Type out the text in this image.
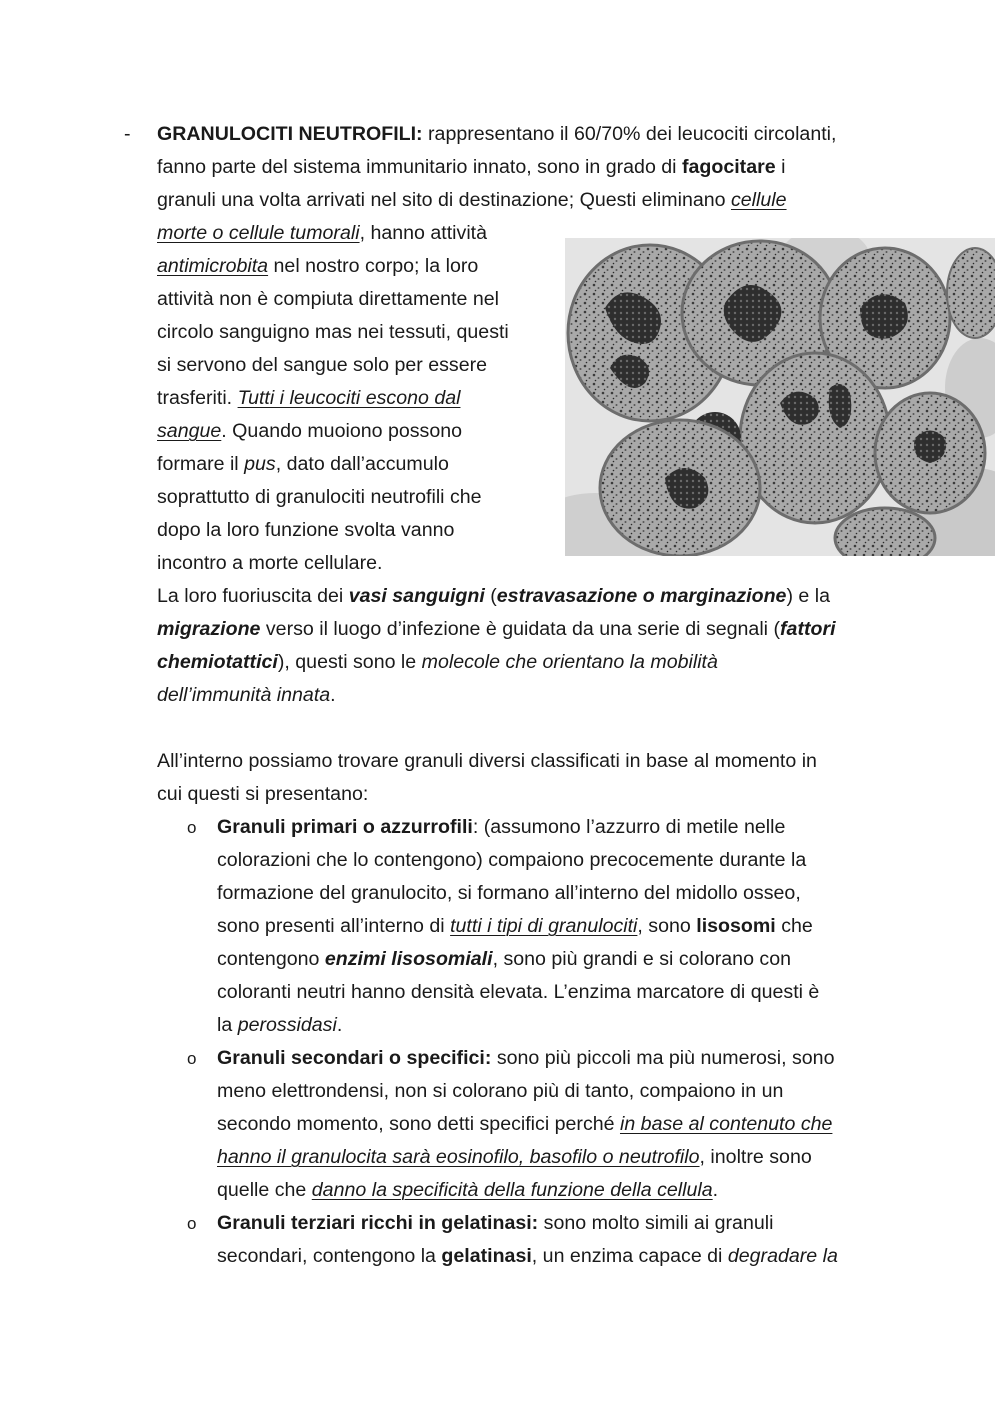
- GRANULOCITI NEUTROFILI: rappresentano il 60/70% dei leucociti circolanti,
fanno parte del sistema immunitario innato, sono in grado di fagocitare i
granuli una volta arrivati nel sito di destinazione; Questi eliminano cellule
morte o cellule tumorali, hanno attività
antimicrobita nel nostro corpo; la loro
attività non è compiuta direttamente nel
circolo sanguigno mas nei tessuti, questi
si servono del sangue solo per essere
trasferiti. Tutti i leucociti escono dal
sangue. Quando muoiono possono
formare il pus, dato dall’accumulo
soprattutto di granulociti neutrofili che
dopo la loro funzione svolta vanno
incontro a morte cellulare.
La loro fuoriuscita dei vasi sanguigni (estravasazione o marginazione) e la
migrazione verso il luogo d’infezione è guidata da una serie di segnali (fattori
chemiotattici), questi sono le molecole che orientano la mobilità
dell’immunità innata.
All’interno possiamo trovare granuli diversi classificati in base al momento in
cui questi si presentano:
o Granuli primari o azzurrofili: (assumono l’azzurro di metile nelle
colorazioni che lo contengono) compaiono precocemente durante la
formazione del granulocito, si formano all’interno del midollo osseo,
sono presenti all’interno di tutti i tipi di granulociti, sono lisosomi che
contengono enzimi lisosomiali, sono più grandi e si colorano con
coloranti neutri hanno densità elevata. L’enzima marcatore di questi è
la perossidasi.
o Granuli secondari o specifici: sono più piccoli ma più numerosi, sono
meno elettrondensi, non si colorano più di tanto, compaiono in un
secondo momento, sono detti specifici perché in base al contenuto che
hanno il granulocita sarà eosinofilo, basofilo o neutrofilo, inoltre sono
quelle che danno la specificità della funzione della cellula.
o Granuli terziari ricchi in gelatinasi: sono molto simili ai granuli
secondari, contengono la gelatinasi, un enzima capace di degradare la
